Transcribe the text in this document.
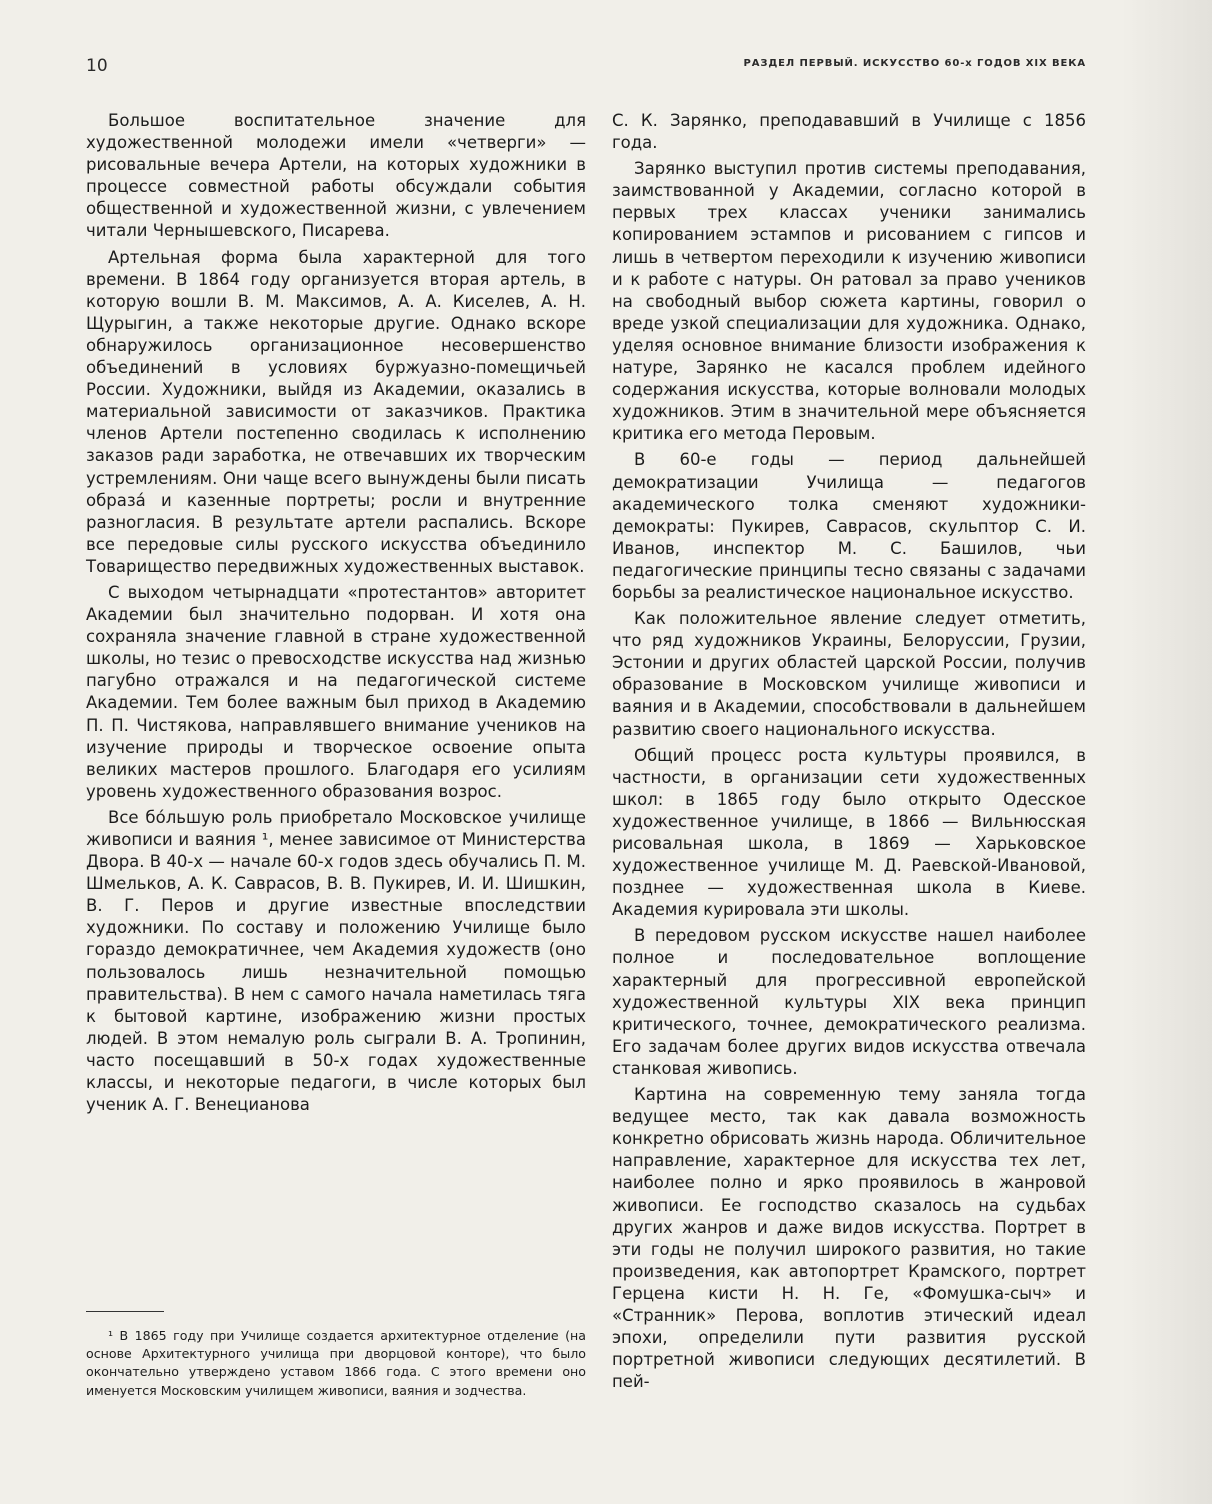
10	РАЗДЕЛ ПЕРВЫЙ. ИСКУССТВО 60-х ГОДОВ XIX ВЕКА

Большое воспитательное значение для художественной молодежи имели «четверги» — рисовальные вечера Артели, на которых художники в процессе совместной работы обсуждали события общественной и художественной жизни, с увлечением читали Чернышевского, Писарева.

Артельная форма была характерной для того времени. В 1864 году организуется вторая артель, в которую вошли В. М. Максимов, А. А. Киселев, А. Н. Щурыгин, а также некоторые другие. Однако вскоре обнаружилось организационное несовершенство объединений в условиях буржуазно-помещичьей России. Художники, выйдя из Академии, оказались в материальной зависимости от заказчиков. Практика членов Артели постепенно сводилась к исполнению заказов ради заработка, не отвечавших их творческим устремлениям. Они чаще всего вынуждены были писать образа́ и казенные портреты; росли и внутренние разногласия. В результате артели распались. Вскоре все передовые силы русского искусства объединило Товарищество передвижных художественных выставок.

С выходом четырнадцати «протестантов» авторитет Академии был значительно подорван. И хотя она сохраняла значение главной в стране художественной школы, но тезис о превосходстве искусства над жизнью пагубно отражался и на педагогической системе Академии. Тем более важным был приход в Академию П. П. Чистякова, направлявшего внимание учеников на изучение природы и творческое освоение опыта великих мастеров прошлого. Благодаря его усилиям уровень художественного образования возрос.

Все бо́льшую роль приобретало Московское училище живописи и ваяния ¹, менее зависимое от Министерства Двора. В 40-х — начале 60-х годов здесь обучались П. М. Шмельков, А. К. Саврасов, В. В. Пукирев, И. И. Шишкин, В. Г. Перов и другие известные впоследствии художники. По составу и положению Училище было гораздо демократичнее, чем Академия художеств (оно пользовалось лишь незначительной помощью правительства). В нем с самого начала наметилась тяга к бытовой картине, изображению жизни простых людей. В этом немалую роль сыграли В. А. Тропинин, часто посещавший в 50-х годах художественные классы, и некоторые педагоги, в числе которых был ученик А. Г. Венецианова

С. К. Зарянко, преподававший в Училище с 1856 года.

Зарянко выступил против системы преподавания, заимствованной у Академии, согласно которой в первых трех классах ученики занимались копированием эстампов и рисованием с гипсов и лишь в четвертом переходили к изучению живописи и к работе с натуры. Он ратовал за право учеников на свободный выбор сюжета картины, говорил о вреде узкой специализации для художника. Однако, уделяя основное внимание близости изображения к натуре, Зарянко не касался проблем идейного содержания искусства, которые волновали молодых художников. Этим в значительной мере объясняется критика его метода Перовым.

В 60-е годы — период дальнейшей демократизации Училища — педагогов академического толка сменяют художники-демократы: Пукирев, Саврасов, скульптор С. И. Иванов, инспектор М. С. Башилов, чьи педагогические принципы тесно связаны с задачами борьбы за реалистическое национальное искусство.

Как положительное явление следует отметить, что ряд художников Украины, Белоруссии, Грузии, Эстонии и других областей царской России, получив образование в Московском училище живописи и ваяния и в Академии, способствовали в дальнейшем развитию своего национального искусства.

Общий процесс роста культуры проявился, в частности, в организации сети художественных школ: в 1865 году было открыто Одесское художественное училище, в 1866 — Вильнюсская рисовальная школа, в 1869 — Харьковское художественное училище М. Д. Раевской-Ивановой, позднее — художественная школа в Киеве. Академия курировала эти школы.

В передовом русском искусстве нашел наиболее полное и последовательное воплощение характерный для прогрессивной европейской художественной культуры XIX века принцип критического, точнее, демократического реализма. Его задачам более других видов искусства отвечала станковая живопись.

Картина на современную тему заняла тогда ведущее место, так как давала возможность конкретно обрисовать жизнь народа. Обличительное направление, характерное для искусства тех лет, наиболее полно и ярко проявилось в жанровой живописи. Ее господство сказалось на судьбах других жанров и даже видов искусства. Портрет в эти годы не получил широкого развития, но такие произведения, как автопортрет Крамского, портрет Герцена кисти Н. Н. Ге, «Фомушка-сыч» и «Странник» Перова, воплотив этический идеал эпохи, определили пути развития русской портретной живописи следующих десятилетий. В пей-

¹ В 1865 году при Училище создается архитектурное отделение (на основе Архитектурного училища при дворцовой конторе), что было окончательно утверждено уставом 1866 года. С этого времени оно именуется Московским училищем живописи, ваяния и зодчества.
